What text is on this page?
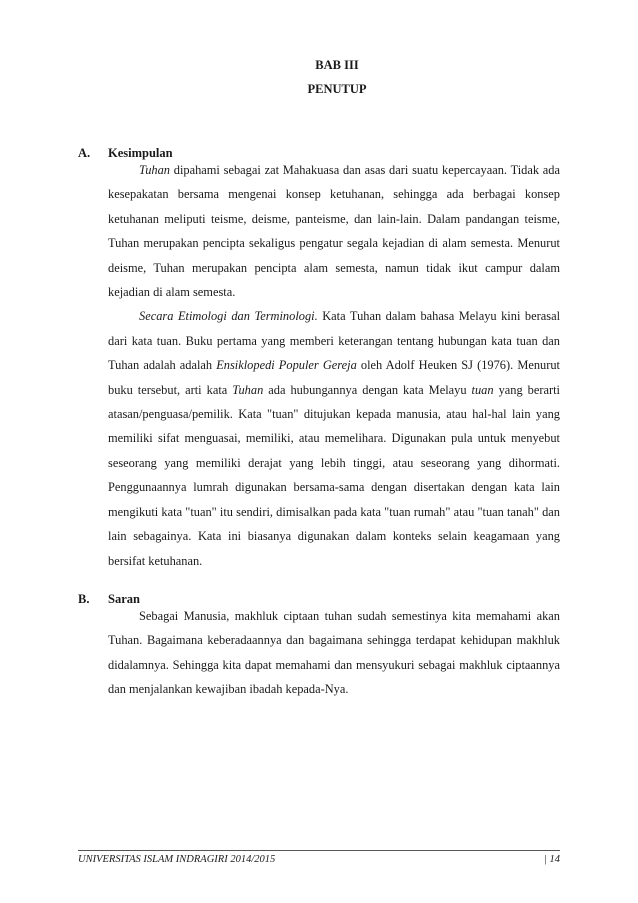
BAB III
PENUTUP
A. Kesimpulan

Tuhan dipahami sebagai zat Mahakuasa dan asas dari suatu kepercayaan. Tidak ada kesepakatan bersama mengenai konsep ketuhanan, sehingga ada berbagai konsep ketuhanan meliputi teisme, deisme, panteisme, dan lain-lain. Dalam pandangan teisme, Tuhan merupakan pencipta sekaligus pengatur segala kejadian di alam semesta. Menurut deisme, Tuhan merupakan pencipta alam semesta, namun tidak ikut campur dalam kejadian di alam semesta.

Secara Etimologi dan Terminologi. Kata Tuhan dalam bahasa Melayu kini berasal dari kata tuan. Buku pertama yang memberi keterangan tentang hubungan kata tuan dan Tuhan adalah adalah Ensiklopedi Populer Gereja oleh Adolf Heuken SJ (1976). Menurut buku tersebut, arti kata Tuhan ada hubungannya dengan kata Melayu tuan yang berarti atasan/penguasa/pemilik. Kata "tuan" ditujukan kepada manusia, atau hal-hal lain yang memiliki sifat menguasai, memiliki, atau memelihara. Digunakan pula untuk menyebut seseorang yang memiliki derajat yang lebih tinggi, atau seseorang yang dihormati. Penggunaannya lumrah digunakan bersama-sama dengan disertakan dengan kata lain mengikuti kata "tuan" itu sendiri, dimisalkan pada kata "tuan rumah" atau "tuan tanah" dan lain sebagainya. Kata ini biasanya digunakan dalam konteks selain keagamaan yang bersifat ketuhanan.

B. Saran

Sebagai Manusia, makhluk ciptaan tuhan sudah semestinya kita memahami akan Tuhan. Bagaimana keberadaannya dan bagaimana sehingga terdapat kehidupan makhluk didalamnya. Sehingga kita dapat memahami dan mensyukuri sebagai makhluk ciptaannya dan menjalankan kewajiban ibadah kepada-Nya.

UNIVERSITAS ISLAM INDRAGIRI 2014/2015	| 14
